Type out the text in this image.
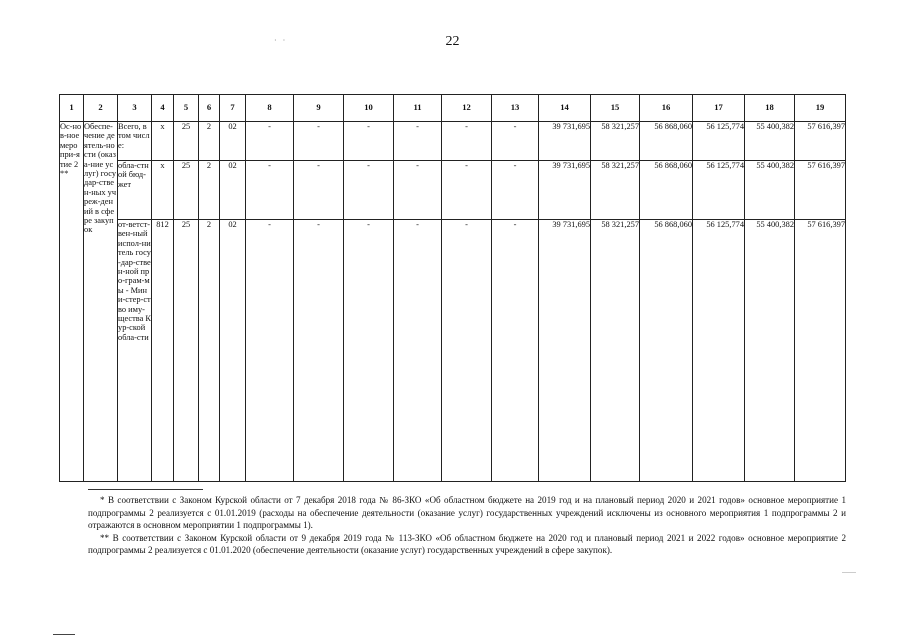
22
· ·
1	2	3	4	5	6	7	8	9	10	11	12	13	14	15	16	17	18	19
Ос-нов-ное меро при-ятие 2 **	Обеспе-чение деятель-ности (оказа-ние услуг) государ-ствен-ных учреж-дений в сфере закупок	Всего, в том числе:	х	25	2	02	-	-	-	-	-	-	39 731,695	58 321,257	56 868,060	56 125,774	55 400,382	57 616,397
		обла-стной бюд-жет	х	25	2	02	-	-	-	-	-	-	39 731,695	58 321,257	56 868,060	56 125,774	55 400,382	57 616,397
		от-ветст-вен-ный испол-нитель госу-дар-ствен-ной про-грам-мы - Мини-стер-ство иму-щества Кур-ской обла-сти	812	25	2	02	-	-	-	-	-	-	39 731,695	58 321,257	56 868,060	56 125,774	55 400,382	57 616,397

* В соответствии с Законом Курской области от 7 декабря 2018 года № 86-ЗКО «Об областном бюджете на 2019 год и на плановый период 2020 и 2021 годов» основное мероприятие 1 подпрограммы 2 реализуется с 01.01.2019 (расходы на обеспечение деятельности (оказание услуг) государственных учреждений исключены из основного мероприятия 1 подпрограммы 2 и отражаются в основном мероприятии 1 подпрограммы 1).

** В соответствии с Законом Курской области от 9 декабря 2019 года № 113-ЗКО «Об областном бюджете на 2020 год и плановый период 2021 и 2022 годов» основное мероприятие 2 подпрограммы 2 реализуется с 01.01.2020 (обеспечение деятельности (оказание услуг) государственных учреждений в сфере закупок).
